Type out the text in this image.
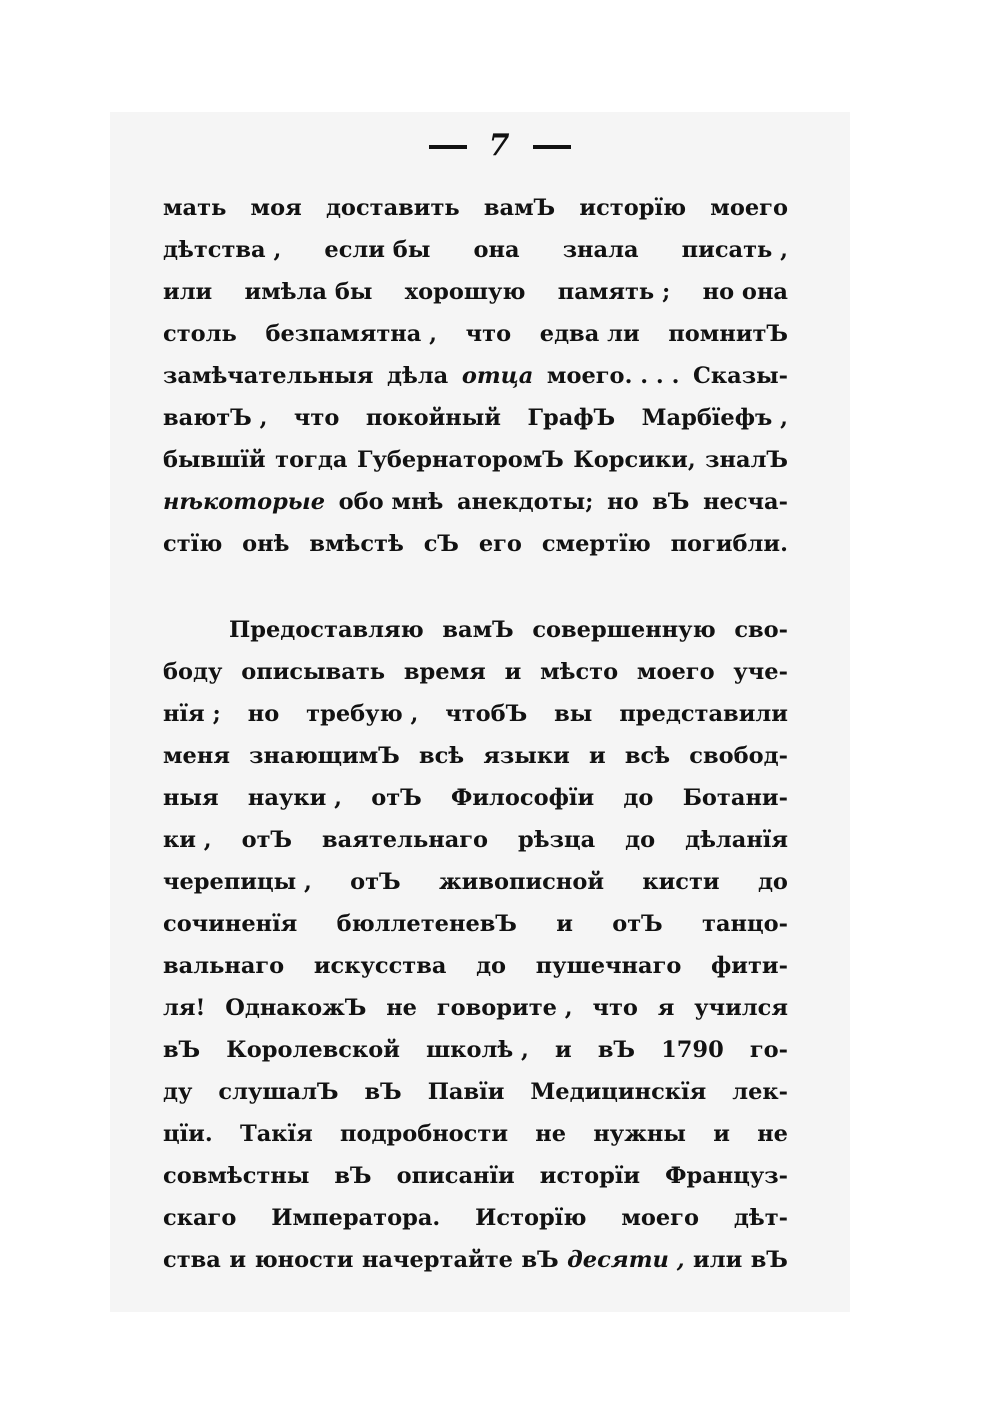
7
мать моя доставить вамЪ исторїю моего
дѣтства , если бы она знала писать ,
или имѣла бы хорошую память ; но она
столь безпамятна , что едва ли помнитЪ
замѣчательныя дѣла отца моего. . . . Сказы-
ваютЪ , что покойный ГрафЪ Марбїефъ ,
бывшїй тогда ГубернаторомЪ Корсики, зналЪ
нѣкоторые обо мнѣ анекдоты; но вЪ несча-
стїю онѣ вмѣстѣ сЪ его смертїю погибли.
Предоставляю вамЪ совершенную сво-
боду описывать время и мѣсто моего уче-
нїя ; но требую , чтобЪ вы представили
меня знающимЪ всѣ языки и всѣ свобод-
ныя науки , отЪ Философїи до Ботани-
ки , отЪ ваятельнаго рѣзца до дѣланїя
черепицы , отЪ живописной кисти до
сочиненїя бюллетеневЪ и отЪ танцо-
вальнаго искусства до пушечнаго фити-
ля! ОднакожЪ не говорите , что я учился
вЪ Королевской школѣ , и вЪ 1790 го-
ду слушалЪ вЪ Павїи Медицинскїя лек-
цїи. Такїя подробности не нужны и не
совмѣстны вЪ описанїи исторїи Француз-
скаго Императора. Исторїю моего дѣт-
ства и юности начертайте вЪ десяти , или вЪ
